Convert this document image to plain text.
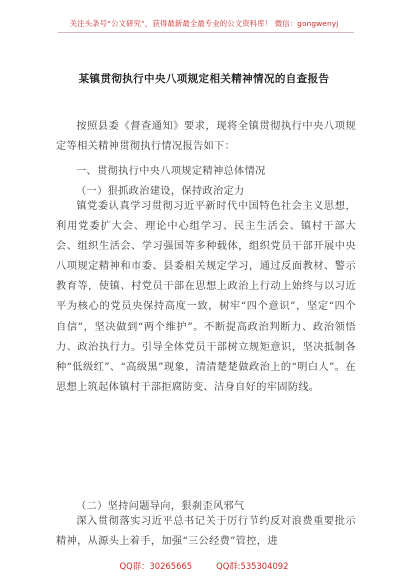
关注头条号“公文研究”，获得最新最全最专业的公文资料库！ 微信：gongwenyj
某镇贯彻执行中央八项规定相关精神情况的自查报告

按照县委《督查通知》要求，现将全镇贯彻执行中央八项规定等相关精神贯彻执行情况报告如下：

一、贯彻执行中央八项规定精神总体情况
（一）狠抓政治建设，保持政治定力

镇党委认真学习贯彻习近平新时代中国特色社会主义思想，利用党委扩大会、理论中心组学习、民主生活会、镇村干部大会、组织生活会、学习强国等多种载体，组织党员干部开展中央八项规定精神和市委、县委相关规定学习，通过反面教材、警示教育等，使镇、村党员干部在思想上政治上行动上始终与以习近平为核心的党员央保持高度一致，树牢“四个意识”，坚定“四个自信”，坚决做到“两个维护”。不断提高政治判断力、政治领悟力、政治执行力。引导全体党员干部树立规矩意识，坚决抵制各种“低级红”、“高级黑”现象，清清楚楚做政治上的“明白人”。在思想上筑起体镇村干部拒腐防变、洁身自好的牢固防线。

（二）坚持问题导向，狠刹歪风邪气

深入贯彻落实习近平总书记关于厉行节约反对浪费重要批示精神，从源头上着手，加强“三公经费”管控，进

QQ群：30265665	QQ群:535304092
